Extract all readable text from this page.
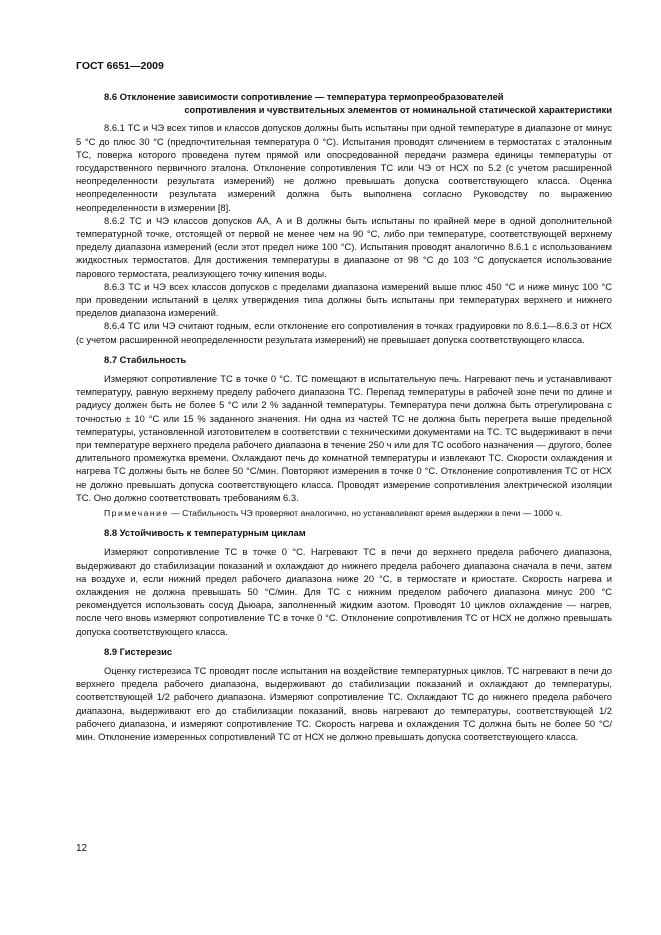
ГОСТ 6651—2009
8.6 Отклонение зависимости сопротивление — температура термопреобразователей
сопротивления и чувствительных элементов от номинальной статической характеристики

8.6.1 ТС и ЧЭ всех типов и классов допусков должны быть испытаны при одной температуре в диапазоне от минус 5 °С до плюс 30 °С (предпочтительная температура 0 °С). Испытания проводят сличением в термостатах с эталонным ТС, поверка которого проведена путем прямой или опосредованной передачи размера единицы температуры от государственного первичного эталона. Отклонение сопротивления ТС или ЧЭ от НСХ по 5.2 (с учетом расширенной неопределенности результата измерений) не должно превышать допуска соответствующего класса. Оценка неопределенности результата измерений должна быть выполнена согласно Руководству по выражению неопределенности в измерении [8].

8.6.2 ТС и ЧЭ классов допусков АА, А и В должны быть испытаны по крайней мере в одной дополнительной температурной точке, отстоящей от первой не менее чем на 90 °С, либо при температуре, соответствующей верхнему пределу диапазона измерений (если этот предел ниже 100 °С). Испытания проводят аналогично 8.6.1 с использованием жидкостных термостатов. Для достижения температуры в диапазоне от 98 °С до 103 °С допускается использование парового термостата, реализующего точку кипения воды.

8.6.3 ТС и ЧЭ всех классов допусков с пределами диапазона измерений выше плюс 450 °С и ниже минус 100 °С при проведении испытаний в целях утверждения типа должны быть испытаны при температурах верхнего и нижнего пределов диапазона измерений.

8.6.4 ТС или ЧЭ считают годным, если отклонение его сопротивления в точках градуировки по 8.6.1—8.6.3 от НСХ (с учетом расширенной неопределенности результата измерений) не превышает допуска соответствующего класса.

8.7 Стабильность

Измеряют сопротивление ТС в точке 0 °С. ТС помещают в испытательную печь. Нагревают печь и устанавливают температуру, равную верхнему пределу рабочего диапазона ТС. Перепад температуры в рабочей зоне печи по длине и радиусу должен быть не более 5 °С или 2 % заданной температуры. Температура печи должна быть отрегулирована с точностью ± 10 °С или 15 % заданного значения. Ни одна из частей ТС не должна быть перегрета выше предельной температуры, установленной изготовителем в соответствии с техническими документами на ТС. ТС выдерживают в печи при температуре верхнего предела рабочего диапазона в течение 250 ч или для ТС особого назначения — другого, более длительного промежутка времени. Охлаждают печь до комнатной температуры и извлекают ТС. Скорости охлаждения и нагрева ТС должны быть не более 50 °С/мин. Повторяют измерения в точке 0 °С. Отклонение сопротивления ТС от НСХ не должно превышать допуска соответствующего класса. Проводят измерение сопротивления электрической изоляции ТС. Оно должно соответствовать требованиям 6.3.

Примечание — Стабильность ЧЭ проверяют аналогично, но устанавливают время выдержки в печи — 1000 ч.
8.8 Устойчивость к температурным циклам

Измеряют сопротивление ТС в точке 0 °С. Нагревают ТС в печи до верхнего предела рабочего диапазона, выдерживают до стабилизации показаний и охлаждают до нижнего предела рабочего диапазона сначала в печи, затем на воздухе и, если нижний предел рабочего диапазона ниже 20 °С, в термостате и криостате. Скорость нагрева и охлаждения не должна превышать 50 °С/мин. Для ТС с нижним пределом рабочего диапазона минус 200 °С рекомендуется использовать сосуд Дьюара, заполненный жидким азотом. Проводят 10 циклов охлаждение — нагрев, после чего вновь измеряют сопротивление ТС в точке 0 °С. Отклонение сопротивления ТС от НСХ не должно превышать допуска соответствующего класса.

8.9 Гистерезис

Оценку гистерезиса ТС проводят после испытания на воздействие температурных циклов. ТС нагревают в печи до верхнего предела рабочего диапазона, выдерживают до стабилизации показаний и охлаждают до температуры, соответствующей 1/2 рабочего диапазона. Измеряют сопротивление ТС. Охлаждают ТС до нижнего предела рабочего диапазона, выдерживают его до стабилизации показаний, вновь нагревают до температуры, соответствующей 1/2 рабочего диапазона, и измеряют сопротивление ТС. Скорость нагрева и охлаждения ТС должна быть не более 50 °С/мин. Отклонение измеренных сопротивлений ТС от НСХ не должно превышать допуска соответствующего класса.

12
